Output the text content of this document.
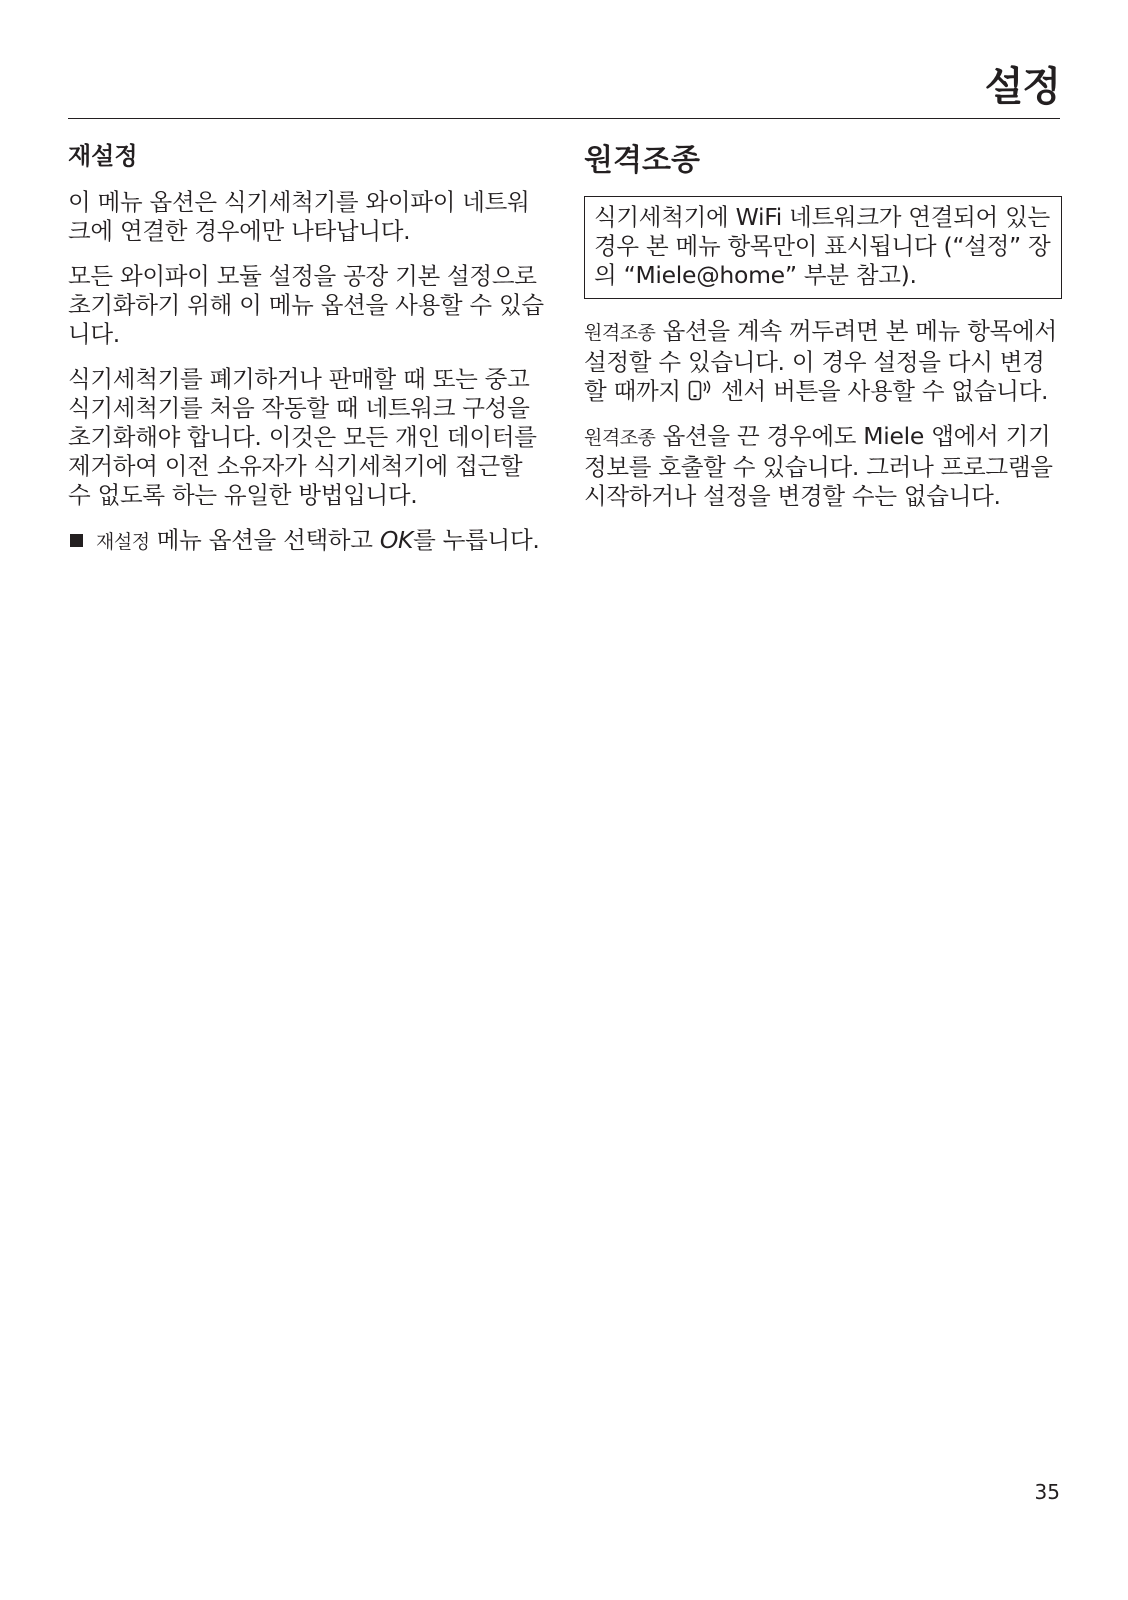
설정
재설정

이 메뉴 옵션은 식기세척기를 와이파이 네트워크에 연결한 경우에만 나타납니다.

모든 와이파이 모듈 설정을 공장 기본 설정으로 초기화하기 위해 이 메뉴 옵션을 사용할 수 있습니다.

식기세척기를 폐기하거나 판매할 때 또는 중고 식기세척기를 처음 작동할 때 네트워크 구성을 초기화해야 합니다. 이것은 모든 개인 데이터를 제거하여 이전 소유자가 식기세척기에 접근할 수 없도록 하는 유일한 방법입니다.

재설정 메뉴 옵션을 선택하고 OK를 누릅니다.

원격조종

식기세척기에 WiFi 네트워크가 연결되어 있는 경우 본 메뉴 항목만이 표시됩니다 (“설정” 장의 “Miele@home” 부분 참고).

원격조종 옵션을 계속 꺼두려면 본 메뉴 항목에서 설정할 수 있습니다. 이 경우 설정을 다시 변경할 때까지  센서 버튼을 사용할 수 없습니다.

원격조종 옵션을 끈 경우에도 Miele 앱에서 기기 정보를 호출할 수 있습니다. 그러나 프로그램을 시작하거나 설정을 변경할 수는 없습니다.

35
